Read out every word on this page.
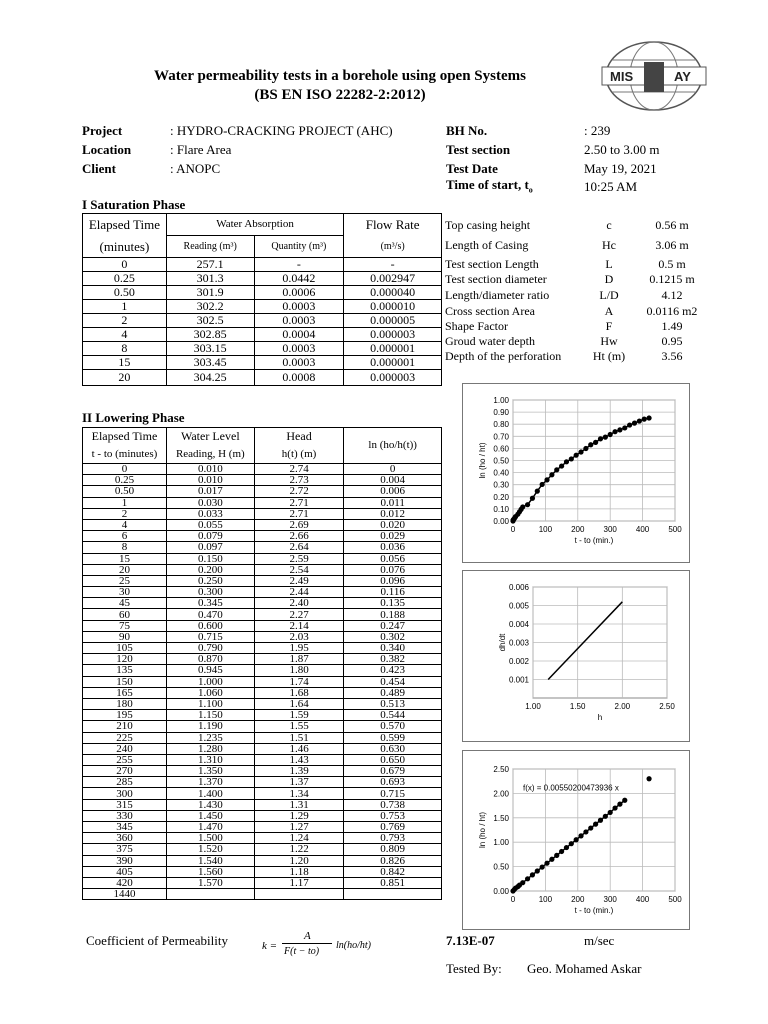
Water permeability tests in a borehole using open Systems
(BS EN ISO 22282-2:2012)
MIS	AY
Project	: HYDRO-CRACKING PROJECT (AHC)
Location	: Flare Area
Client	: ANOPC
BH No.	: 239
Test section	2.50 to 3.00 m
Test Date	May 19, 2021
Time of start, $t_o$	10:25 AM
I Saturation Phase
Elapsed Time	Water Absorption		Flow Rate
(minutes)	Reading (m³)	Quantity (m³)	(m³/s)
0	257.1	-	-
0.25	301.3	0.0442	0.002947
0.50	301.9	0.0006	0.000040
1	302.2	0.0003	0.000010
2	302.5	0.0003	0.000005
4	302.85	0.0004	0.000003
8	303.15	0.0003	0.000001
15	303.45	0.0003	0.000001
20	304.25	0.0008	0.000003
Top casing height	c	0.56 m
Length of Casing	Hc	3.06 m
Test section Length	L	0.5 m
Test section diameter	D	0.1215 m
Length/diameter ratio	L/D	4.12
Cross section Area	A	0.0116 m2
Shape Factor	F	1.49
Groud water depth	Hw	0.95
Depth of the perforation	Ht (m)	3.56
II Lowering Phase
Elapsed Time	Water Level	Head	ln (ho/h(t))
t - to (minutes)	Reading, H (m)	h(t) (m)	
0	0.010	2.74	0
0.25	0.010	2.73	0.004
0.50	0.017	2.72	0.006
1	0.030	2.71	0.011
2	0.033	2.71	0.012
4	0.055	2.69	0.020
6	0.079	2.66	0.029
8	0.097	2.64	0.036
15	0.150	2.59	0.056
20	0.200	2.54	0.076
25	0.250	2.49	0.096
30	0.300	2.44	0.116
45	0.345	2.40	0.135
60	0.470	2.27	0.188
75	0.600	2.14	0.247
90	0.715	2.03	0.302
105	0.790	1.95	0.340
120	0.870	1.87	0.382
135	0.945	1.80	0.423
150	1.000	1.74	0.454
165	1.060	1.68	0.489
180	1.100	1.64	0.513
195	1.150	1.59	0.544
210	1.190	1.55	0.570
225	1.235	1.51	0.599
240	1.280	1.46	0.630
255	1.310	1.43	0.650
270	1.350	1.39	0.679
285	1.370	1.37	0.693
300	1.400	1.34	0.715
315	1.430	1.31	0.738
330	1.450	1.29	0.753
345	1.470	1.27	0.769
360	1.500	1.24	0.793
375	1.520	1.22	0.809
390	1.540	1.20	0.826
405	1.560	1.18	0.842
420	1.570	1.17	0.851
1440			
Coefficient of Permeability	k =
A
F(t − to)
ln(ho/ht)	7.13E-07	m/sec
Tested By: Geo. Mohamed Askar
0.00
0.10
0.20
0.30
0.40
0.50
0.60
0.70
0.80
0.90
1.00
0	100 200 300 400 500
t - to (min.)
ln (ho / ht)
0.001
0.002
0.003
0.004
0.005
0.006
1.00	1.50	2.00	2.50
h
dh/dt
0.00
0.50
1.00
1.50
2.00
2.50
0	100 200 300 400 500
t - to (min.)
ln (ho / ht)
f(x) = 0.00550200473936 x
